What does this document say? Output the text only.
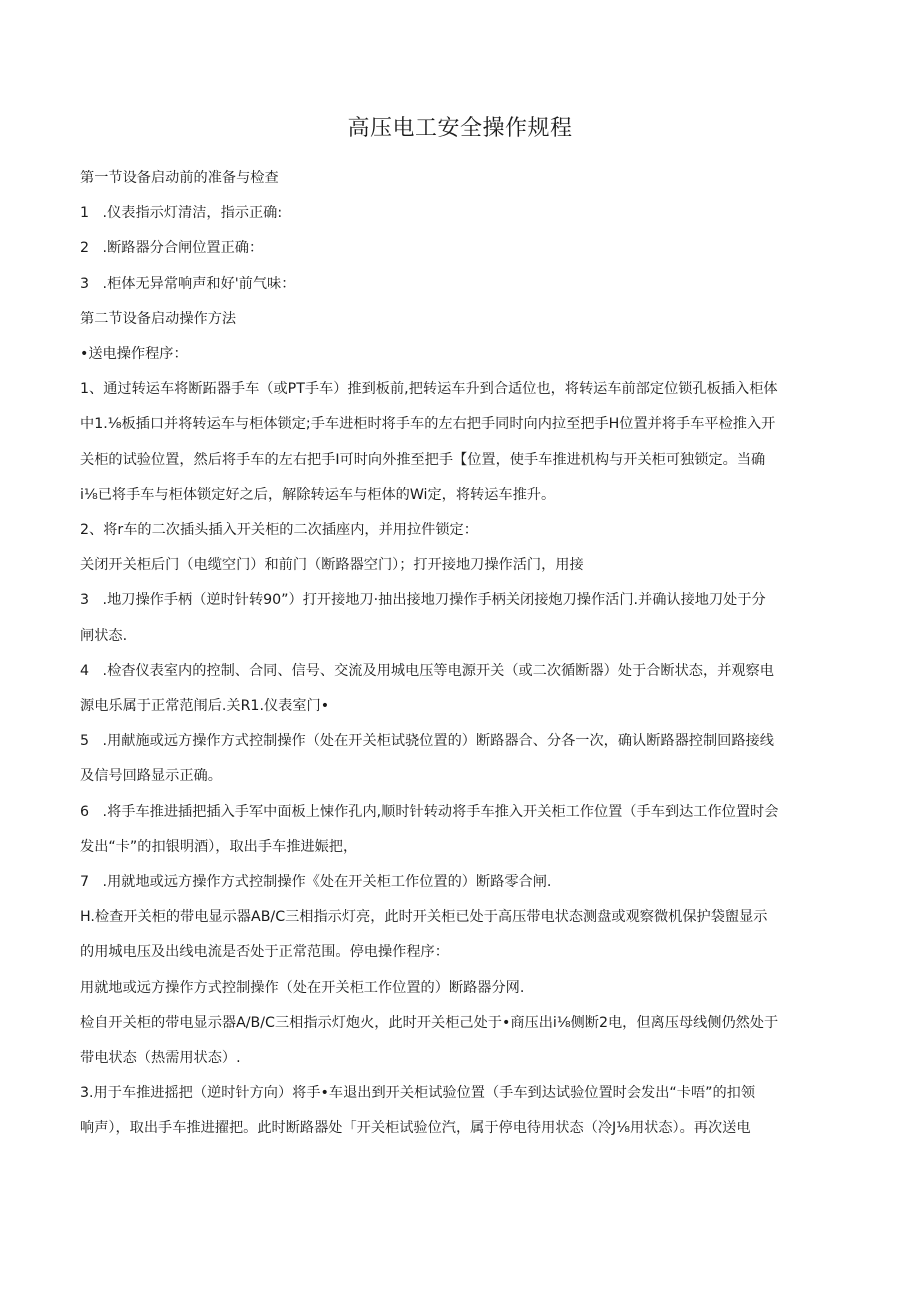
高压电工安全操作规程

第一节设备启动前的准备与检查

1   .仪表指示灯清洁，指示正确:

2   .断路器分合闸位置正确：

3   .柜体无异常响声和好'前气味：

第二节设备启动操作方法

•送电操作程序：

1、通过转运车将断跖器手车（或PT手车）推到板前,把转运车升到合适位也，将转运车前部定位锁孔板插入柜体

中1.⅛板插口并将转运车与柜体锁定;手车进柜时将手车的左右把手同时向内拉至把手H位置并将手车平检推入开

关柜的试验位置，然后将手车的左右把手I可时向外推至把手【位置，使手车推进机构与开关柜可独锁定。当确

i⅛已将手车与柜体锁定好之后，解除转运车与柜体的Wi定，将转运车推升。

2、将r车的二次插头插入开关柜的二次插座内，并用拉件锁定：

关闭开关柜后门（电缆空门）和前门（断路器空门）；打开接地刀操作活门，用接

3   .地刀操作手柄（逆时针转90”）打开接地刀·抽出接地刀操作手柄关闭接炮刀操作活门.并确认接地刀处于分

闸状态.

4   .检杳仪表室内的控制、合同、信号、交流及用城电压等电源开关（或二次循断器）处于合断状态，并观察电

源电乐属于正常范闱后.关R1.仪表室门•

5   .用献施或远方操作方式控制操作（处在开关柜试骁位置的）断路器合、分各一次，确认断路器控制回路接线

及信号回路显示正确。

6   .将手车推进插把插入手军中面板上悚作孔内,顺时针转动将手车推入开关柜工作位置（手车到达工作位置时会

发出“卡”的扣银明酒），取出手车推进娠把，

7   .用就地或远方操作方式控制操作《处在开关柜工作位置的）断路零合闸.

H.检查开关柜的带电显示器AB/C三相指示灯亮，此时开关柜已处于高压带电状态测盘或观察微机保护袋盥显示

的用城电压及出线电流是否处于正常范围。停电操作程序：

用就地或远方操作方式控制操作（处在开关柜工作位置的）断路器分网.

检自开关柜的带电显示器A/B/C三相指示灯炮火，此时开关柜己处于•商压出i⅛侧断2电，但离压母线侧仍然处于

带电状态（热需用状态）.

3.用于车推进摇把（逆时针方向）将手•车退出到开关柜试验位置（手车到达试验位置时会发出“卡唔”的扣领

响声），取出手车推进擢把。此时断路器处「开关柜试验位汽，属于停电待用状态（冷J⅛用状态）。再次送电
